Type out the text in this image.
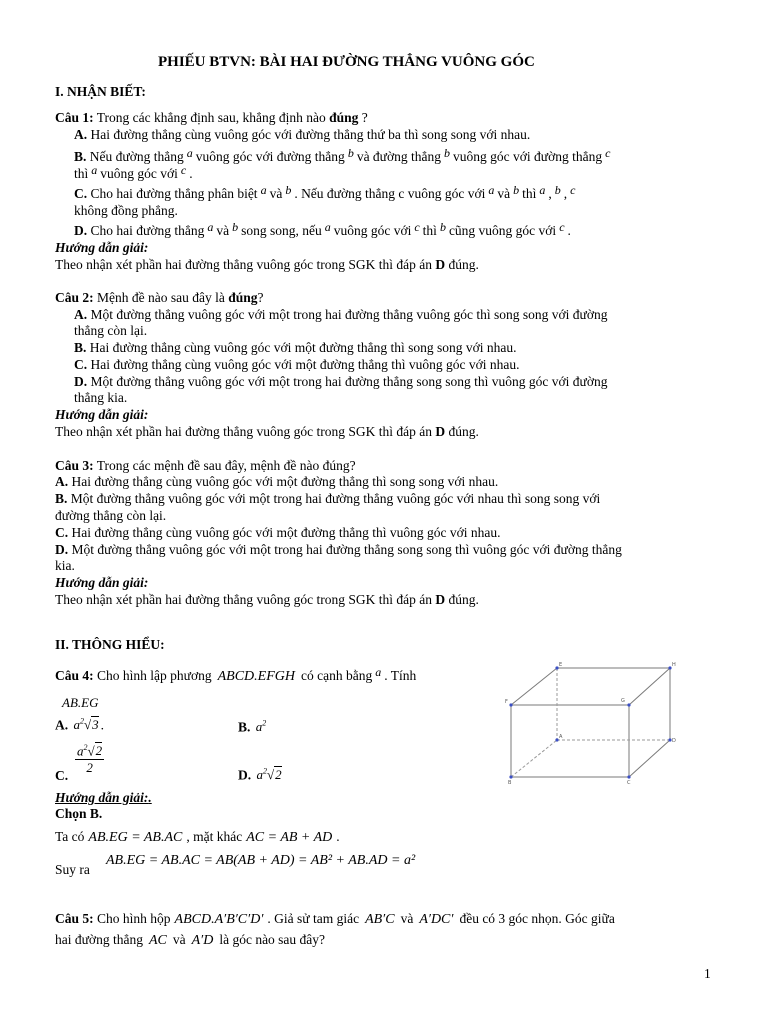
PHIẾU BTVN: BÀI HAI ĐƯỜNG THẲNG VUÔNG GÓC
I. NHẬN BIẾT:
Câu 1: Trong các khẳng định sau, khẳng định nào đúng ?
A. Hai đường thẳng cùng vuông góc với đường thẳng thứ ba thì song song với nhau.
B. Nếu đường thẳng a vuông góc với đường thẳng b và đường thẳng b vuông góc với đường thẳng c
thì a vuông góc với c .
C. Cho hai đường thẳng phân biệt a và b . Nếu đường thẳng c vuông góc với a và b thì a , b , c
không đồng phẳng.
D. Cho hai đường thẳng a và b song song, nếu a vuông góc với c thì b cũng vuông góc với c .
Hướng dẫn giải:
Theo nhận xét phần hai đường thẳng vuông góc trong SGK thì đáp án D đúng.
Câu 2: Mệnh đề nào sau đây là đúng?
A. Một đường thẳng vuông góc với một trong hai đường thẳng vuông góc thì song song với đường
thẳng còn lại.
B. Hai đường thẳng cùng vuông góc với một đường thẳng thì song song với nhau.
C. Hai đường thẳng cùng vuông góc với một đường thẳng thì vuông góc với nhau.
D. Một đường thẳng vuông góc với một trong hai đường thẳng song song thì vuông góc với đường
thẳng kia.
Hướng dẫn giải:
Theo nhận xét phần hai đường thẳng vuông góc trong SGK thì đáp án D đúng.
Câu 3: Trong các mệnh đề sau đây, mệnh đề nào đúng?
A. Hai đường thẳng cùng vuông góc với một đường thẳng thì song song với nhau.
B. Một đường thẳng vuông góc với một trong hai đường thẳng vuông góc với nhau thì song song với
đường thẳng còn lại.
C. Hai đường thẳng cùng vuông góc với một đường thẳng thì vuông góc với nhau.
D. Một đường thẳng vuông góc với một trong hai đường thẳng song song thì vuông góc với đường thẳng
kia.
Hướng dẫn giải:
Theo nhận xét phần hai đường thẳng vuông góc trong SGK thì đáp án D đúng.
II. THÔNG HIỂU:
Câu 4: Cho hình lập phương ABCD.EFGH có cạnh bằng a . Tính
AB.EG
A. $a^2√3$ .	B. $a^2$
$\frac{a^2√2}{2}$
C.	D. $a^2√2$
E	H
F	G
A
D
B	C
Hướng dẫn giải:.
Chọn B.
Ta có AB.EG = AB.AC , mặt khác AC = AB + AD .
Suy ra
AB.EG = AB.AC = AB(AB + AD) = AB² + AB.AD = a²
Câu 5: Cho hình hộp ABCD.A′B′C′D′ . Giả sử tam giác AB′C và A′DC′ đều có 3 góc nhọn. Góc giữa
hai đường thẳng AC và A′D là góc nào sau đây?
1
